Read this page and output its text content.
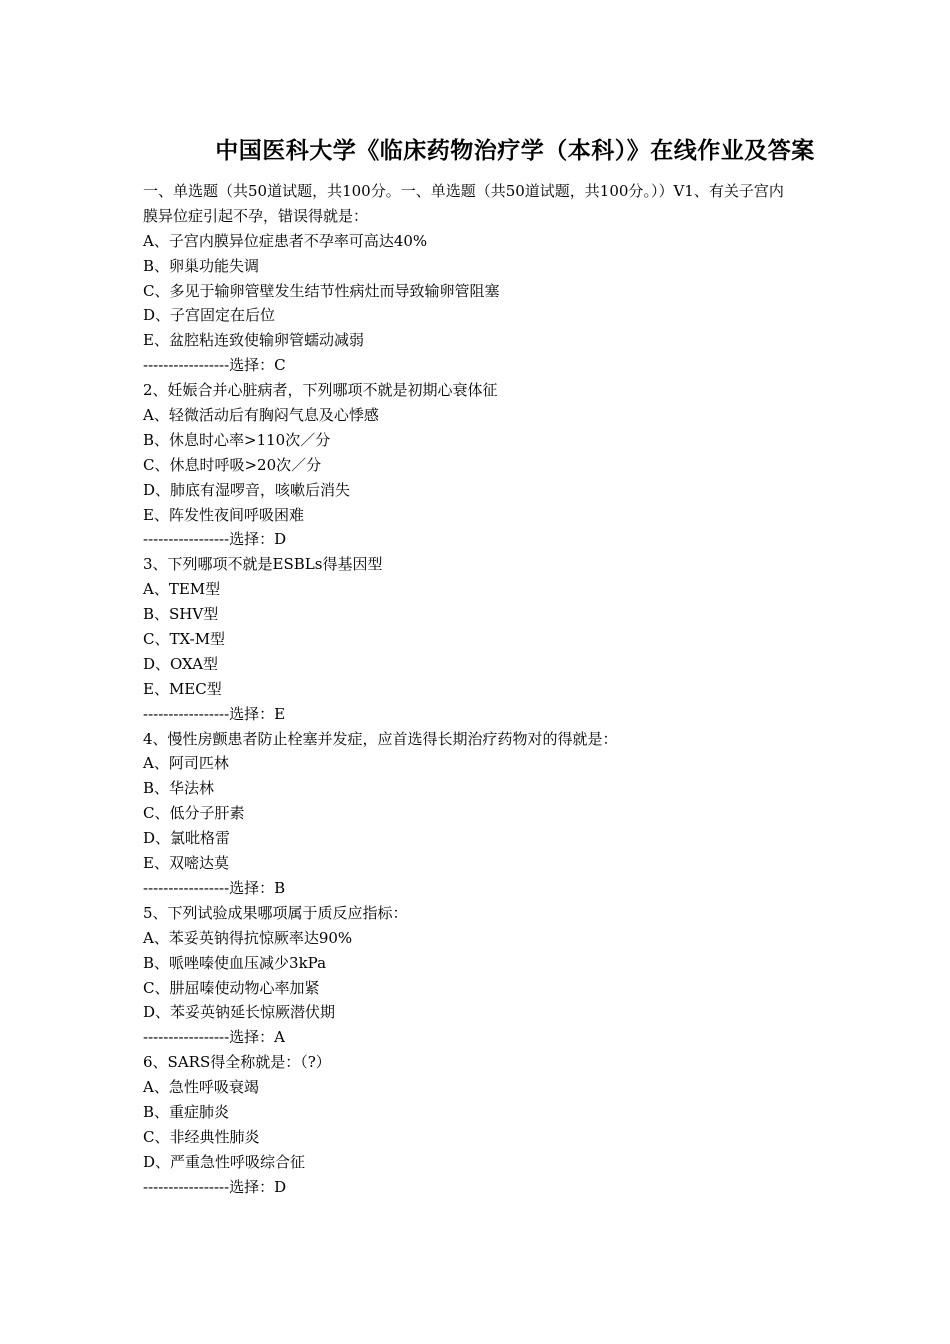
中国医科大学《临床药物治疗学（本科）》在线作业及答案
一、单选题（共50道试题，共100分。一、单选题（共50道试题，共100分。））V1、有关子宫内
膜异位症引起不孕，错误得就是：
A、子宫内膜异位症患者不孕率可高达40%
B、卵巢功能失调
C、多见于输卵管壁发生结节性病灶而导致输卵管阻塞
D、子宫固定在后位
E、盆腔粘连致使输卵管蠕动减弱
-----------------选择：C
2、妊娠合并心脏病者，下列哪项不就是初期心衰体征
A、轻微活动后有胸闷气息及心悸感
B、休息时心率>110次／分
C、休息时呼吸>20次／分
D、肺底有湿啰音，咳嗽后消失
E、阵发性夜间呼吸困难
-----------------选择：D
3、下列哪项不就是ESBLs得基因型
A、TEM型
B、SHV型
C、TX-M型
D、OXA型
E、MEC型
-----------------选择：E
4、慢性房颤患者防止栓塞并发症，应首选得长期治疗药物对的得就是：
A、阿司匹林
B、华法林
C、低分子肝素
D、氯吡格雷
E、双嘧达莫
-----------------选择：B
5、下列试验成果哪项属于质反应指标：
A、苯妥英钠得抗惊厥率达90%
B、哌唑嗪使血压减少3kPa
C、肼屈嗪使动物心率加紧
D、苯妥英钠延长惊厥潜伏期
-----------------选择：A
6、SARS得全称就是：（?）
A、急性呼吸衰竭
B、重症肺炎
C、非经典性肺炎
D、严重急性呼吸综合征
-----------------选择：D
